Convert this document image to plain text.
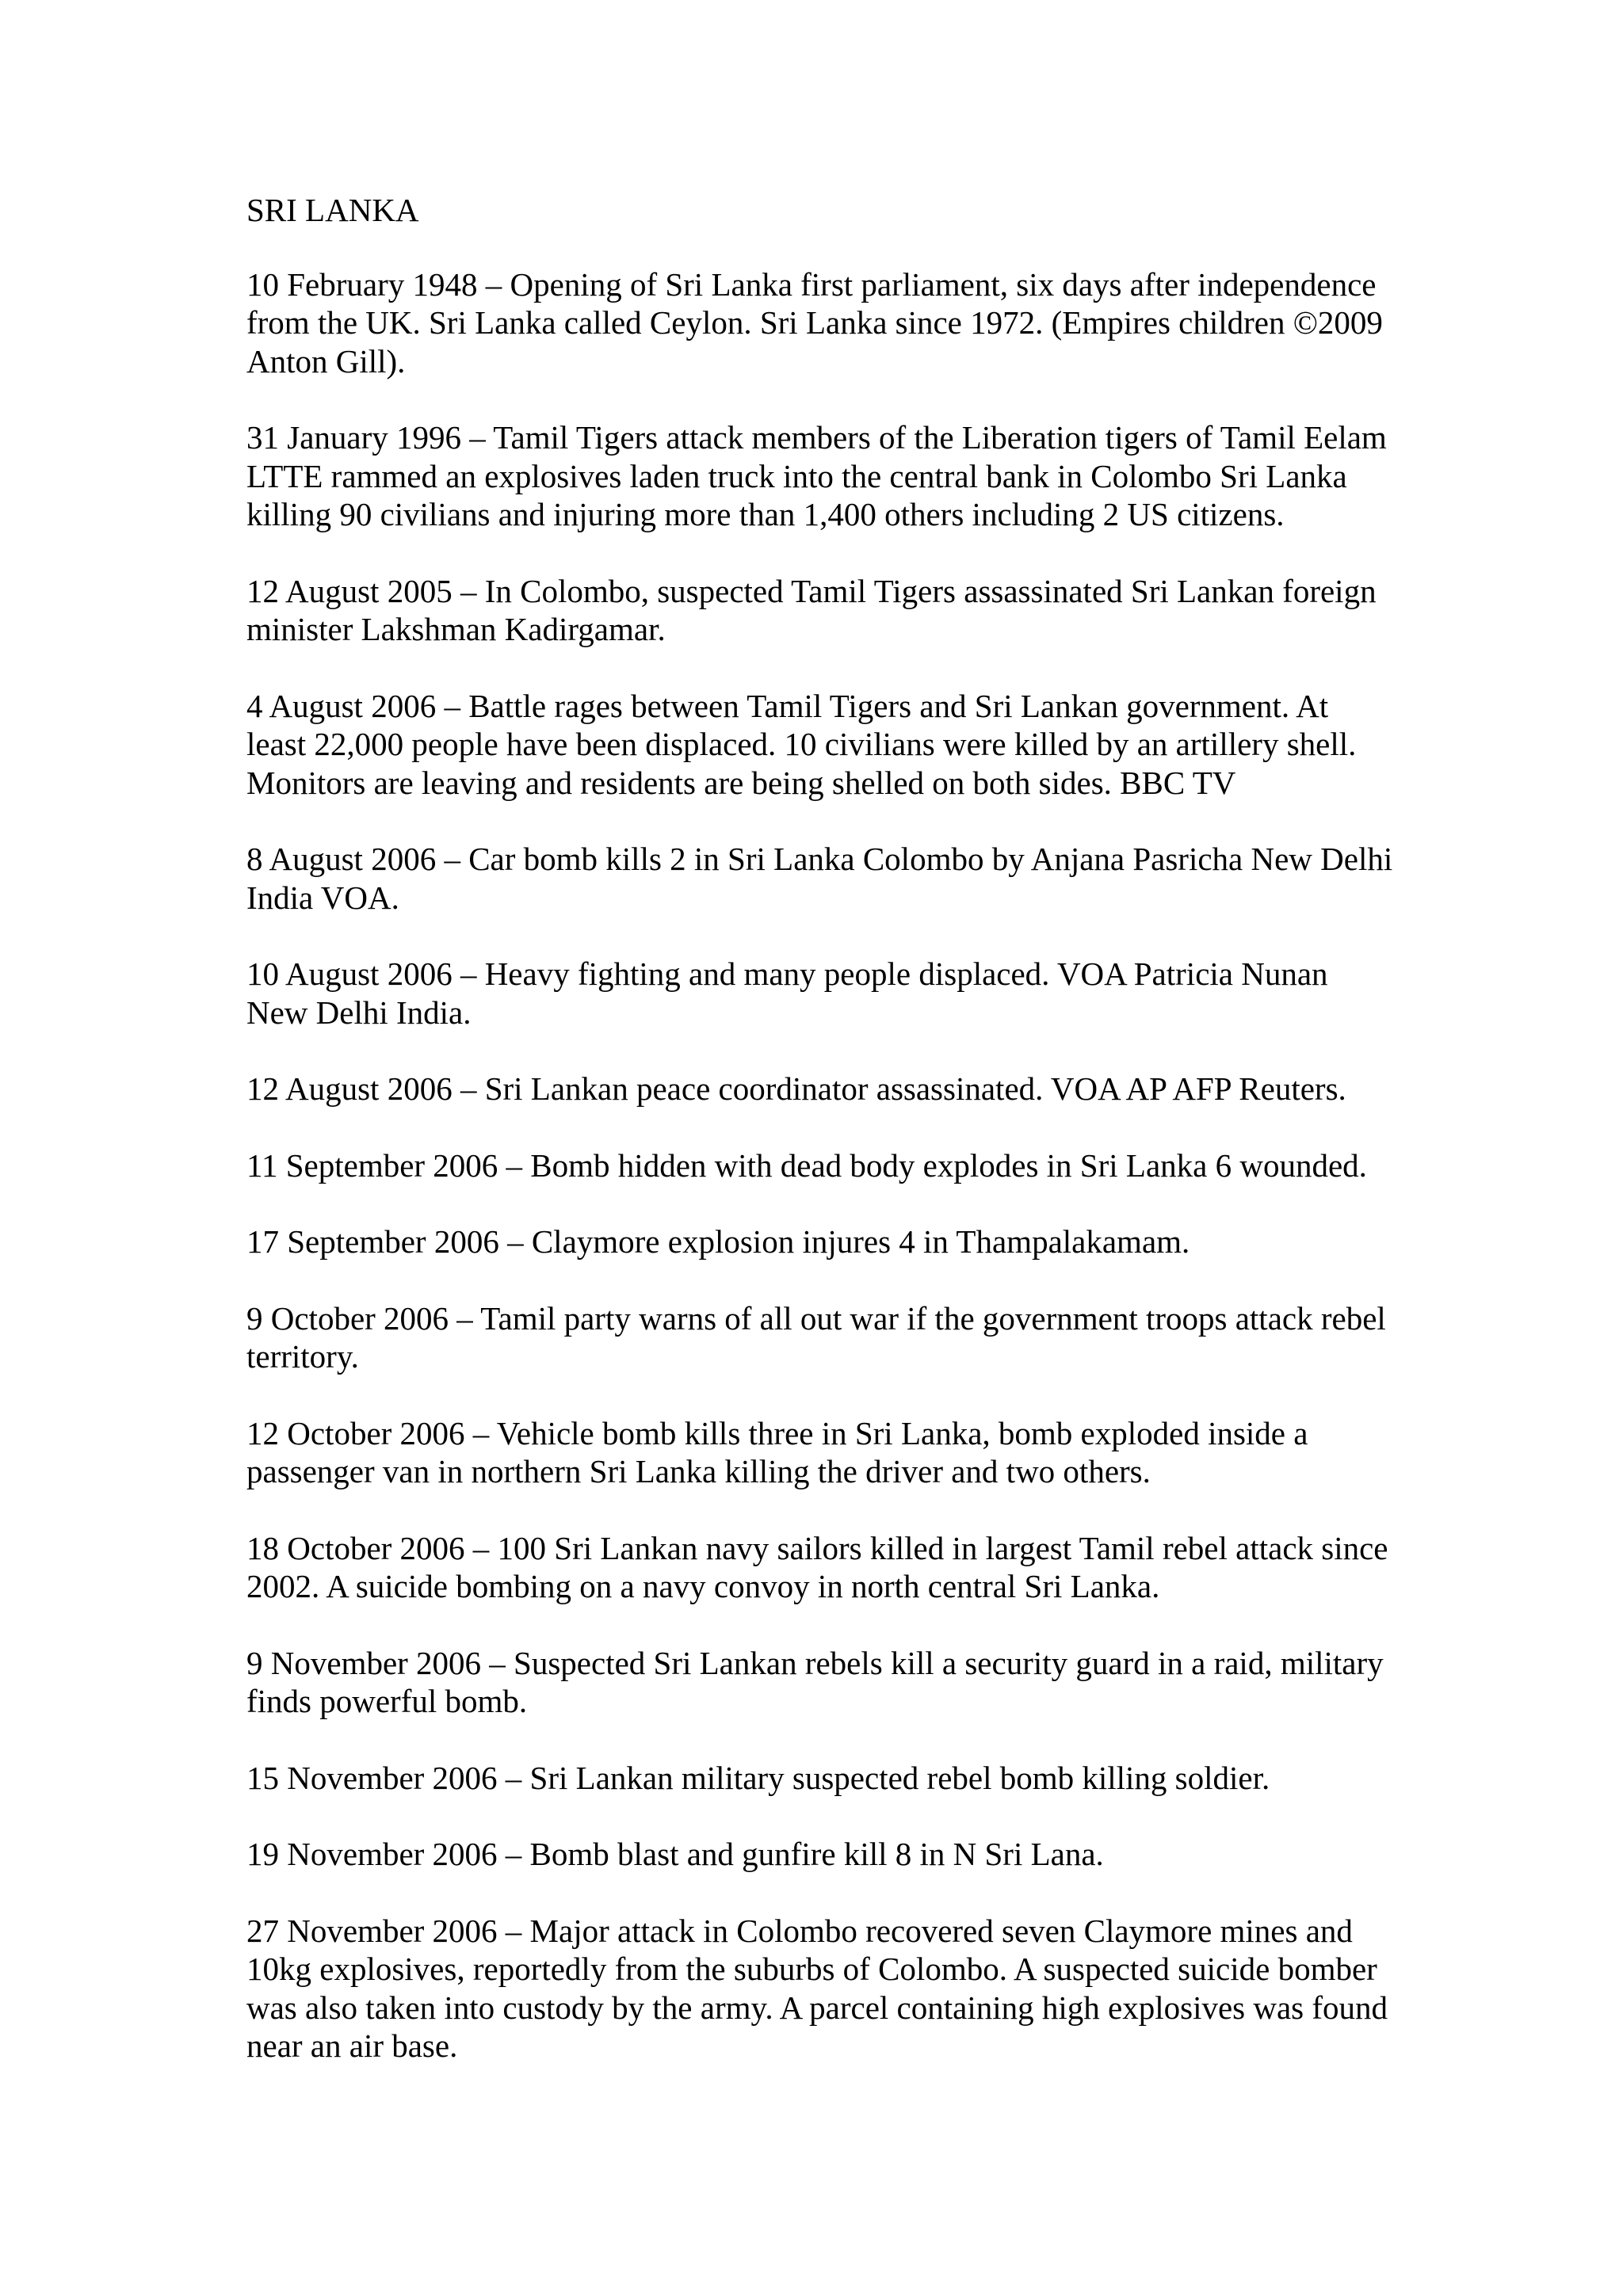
SRI LANKA

10 February 1948 – Opening of Sri Lanka first parliament, six days after independence from the UK. Sri Lanka called Ceylon. Sri Lanka since 1972. (Empires children ©2009 Anton Gill).

31 January 1996 – Tamil Tigers attack members of the Liberation tigers of Tamil Eelam LTTE rammed an explosives laden truck into the central bank in Colombo Sri Lanka killing 90 civilians and injuring more than 1,400 others including 2 US citizens.

12 August 2005 – In Colombo, suspected Tamil Tigers assassinated Sri Lankan foreign minister Lakshman Kadirgamar.

4 August 2006 – Battle rages between Tamil Tigers and Sri Lankan government. At least 22,000 people have been displaced. 10 civilians were killed by an artillery shell. Monitors are leaving and residents are being shelled on both sides. BBC TV

8 August 2006 – Car bomb kills 2 in Sri Lanka Colombo by Anjana Pasricha New Delhi India VOA.

10 August 2006 – Heavy fighting and many people displaced. VOA Patricia Nunan New Delhi India.

12 August 2006 – Sri Lankan peace coordinator assassinated. VOA AP AFP Reuters.

11 September 2006 – Bomb hidden with dead body explodes in Sri Lanka 6 wounded.

17 September 2006 – Claymore explosion injures 4 in Thampalakamam.

9 October 2006 – Tamil party warns of all out war if the government troops attack rebel territory.

12 October 2006 – Vehicle bomb kills three in Sri Lanka, bomb exploded inside a passenger van in northern Sri Lanka killing the driver and two others.

18 October 2006 – 100 Sri Lankan navy sailors killed in largest Tamil rebel attack since 2002. A suicide bombing on a navy convoy in north central Sri Lanka.

9 November 2006 – Suspected Sri Lankan rebels kill a security guard in a raid, military finds powerful bomb.

15 November 2006 – Sri Lankan military suspected rebel bomb killing soldier.

19 November 2006 – Bomb blast and gunfire kill 8 in N Sri Lana.

27 November 2006 – Major attack in Colombo recovered seven Claymore mines and 10kg explosives, reportedly from the suburbs of Colombo. A suspected suicide bomber was also taken into custody by the army. A parcel containing high explosives was found near an air base.
